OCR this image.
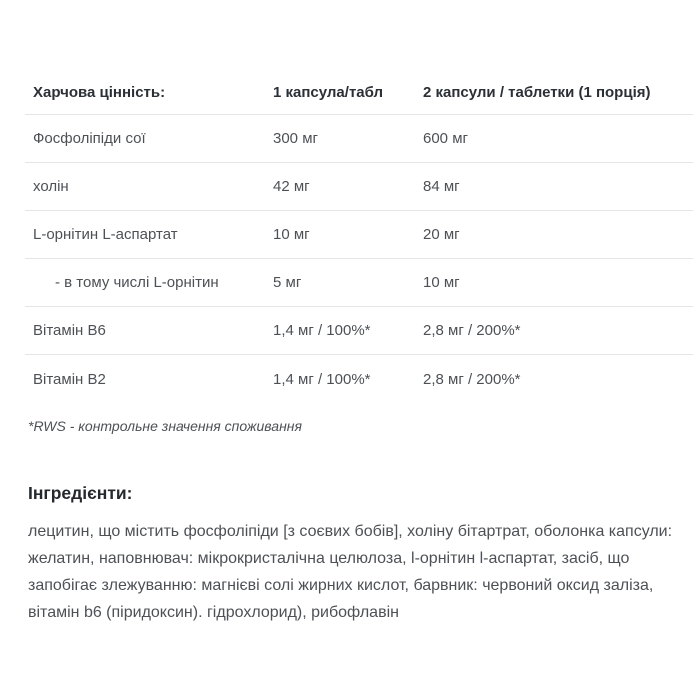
Харчова цінність:	1 капсула/табл	2 капсули / таблетки (1 порція)
Фосфоліпіди сої	300 мг	600 мг
холін	42 мг	84 мг
L-орнітин L-аспартат	10 мг	20 мг
- в тому числі L-орнітин	5 мг	10 мг
Вітамін B6	1,4 мг / 100%*	2,8 мг / 200%*
Вітамін B2	1,4 мг / 100%*	2,8 мг / 200%*

*RWS - контрольне значення споживання

Інгредієнти:

лецитин, що містить фосфоліпіди [з соєвих бобів], холіну бітартрат, оболонка капсули: желатин, наповнювач: мікрокристалічна целюлоза, l-орнітин l-аспартат, засіб, що запобігає злежуванню: магнієві солі жирних кислот, барвник: червоний оксид заліза, вітамін b6 (піридоксин). гідрохлорид), рибофлавін
